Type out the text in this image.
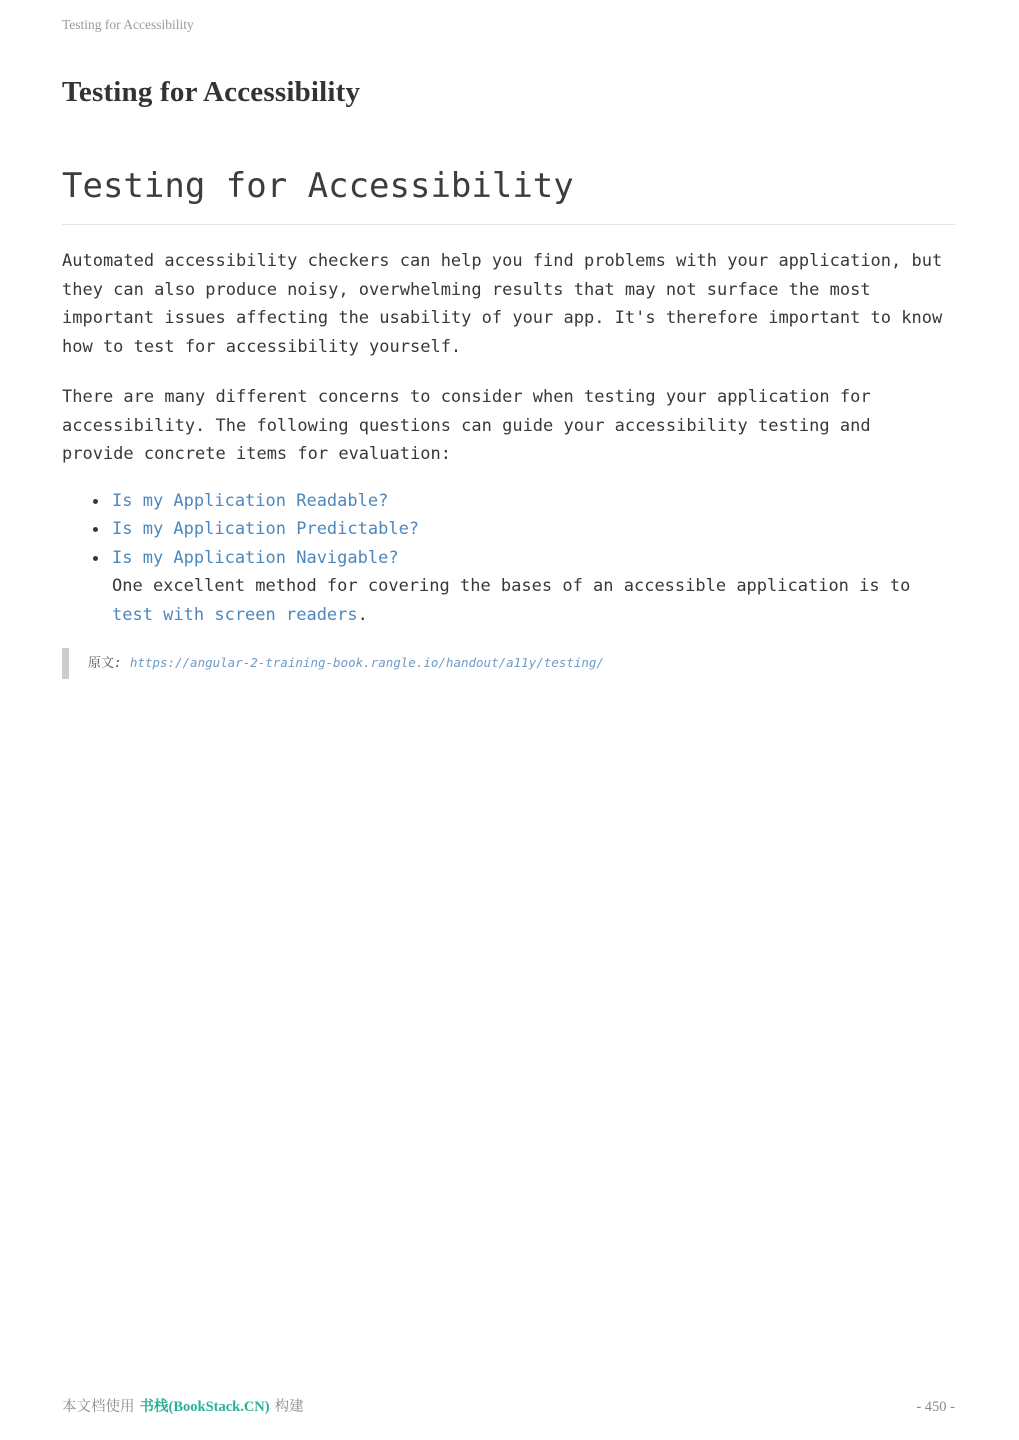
Testing for Accessibility
Testing for Accessibility
Testing for Accessibility
Automated accessibility checkers can help you find problems with your application, but
they can also produce noisy, overwhelming results that may not surface the most
important issues affecting the usability of your app. It's therefore important to know
how to test for accessibility yourself.
There are many different concerns to consider when testing your application for
accessibility. The following questions can guide your accessibility testing and
provide concrete items for evaluation:
Is my Application Readable?
Is my Application Predictable?
Is my Application Navigable?
One excellent method for covering the bases of an accessible application is to
test with screen readers.
原文: https://angular-2-training-book.rangle.io/handout/a11y/testing/
本文档使用 书栈(BookStack.CN) 构建	- 450 -
